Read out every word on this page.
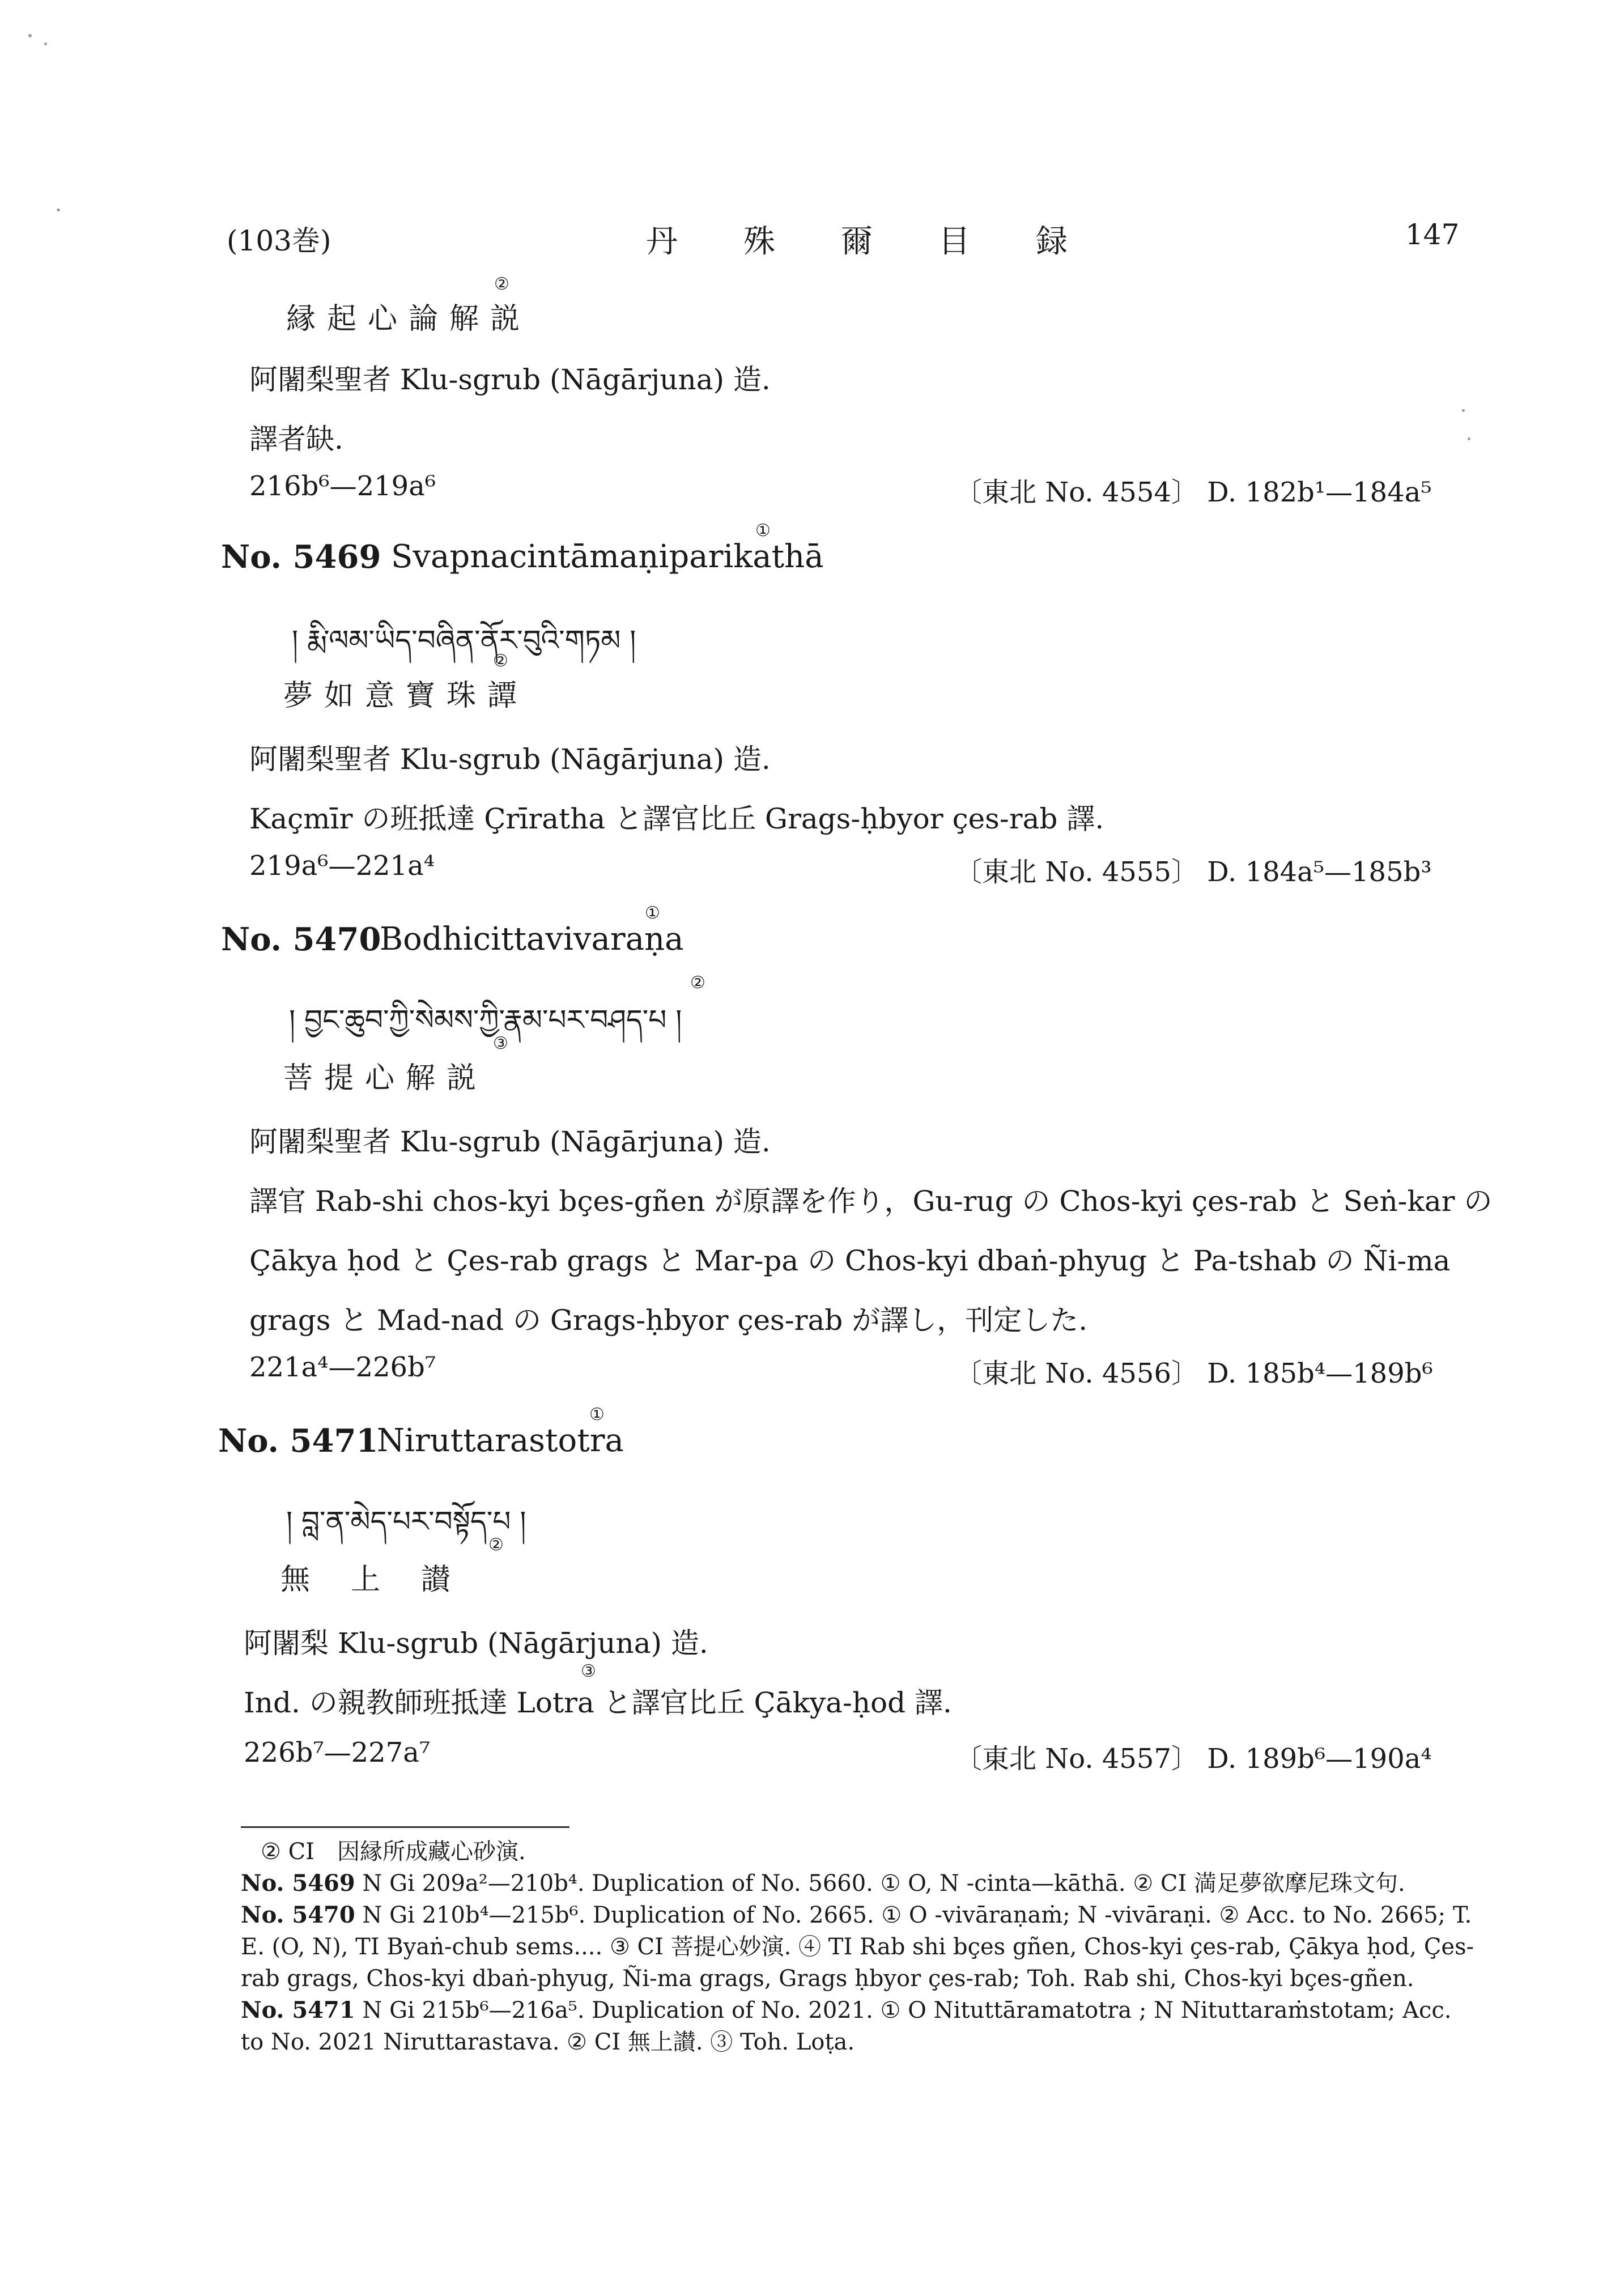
(103巻)	丹　殊　爾　目　録	147
縁起心論解説
②
阿闍梨聖者 Klu-sgrub (Nāgārjuna) 造.
譯者缺.
216b⁶—219a⁶	〔東北 No. 4554〕 D. 182b¹—184a⁵
No. 5469 Svapnacintāmaṇiparikathā
①
། རྨི་ལམ་ཡིད་བཞིན་ནོར་བུའི་གཏམ །
夢如意寶珠譚
②
阿闍梨聖者 Klu-sgrub (Nāgārjuna) 造.
Kaçmīr の班抵達 Çrīratha と譯官比丘 Grags-ḥbyor çes-rab 譯.
219a⁶—221a⁴	〔東北 No. 4555〕 D. 184a⁵—185b³
No. 5470
Bodhicittavivaraṇa
①
། བྱང་ཆུབ་ཀྱི་སེམས་ཀྱི་རྣམ་པར་བཤད་པ །
②
菩提心解説
③
阿闍梨聖者 Klu-sgrub (Nāgārjuna) 造.
譯官 Rab-shi chos-kyi bçes-gñen が原譯を作り，Gu-rug の Chos-kyi çes-rab と Seṅ-kar の
Çākya ḥod と Çes-rab grags と Mar-pa の Chos-kyi dbaṅ-phyug と Pa-tshab の Ñi-ma
grags と Mad-nad の Grags-ḥbyor çes-rab が譯し，刊定した.
221a⁴—226b⁷	〔東北 No. 4556〕 D. 185b⁴—189b⁶
No. 5471
Niruttarastotra
①
། བླ་ན་མེད་པར་བསྟོད་པ །
無　上　讃
②
阿闍梨 Klu-sgrub (Nāgārjuna) 造.
Ind. の親教師班抵達 Lotra と譯官比丘 Çākya-ḥod 譯.
③
226b⁷—227a⁷	〔東北 No. 4557〕 D. 189b⁶—190a⁴
② CI　因縁所成藏心砂演.
No. 5469 N Gi 209a²—210b⁴. Duplication of No. 5660. ① O, N -cinta—kāthā. ② CI 満足夢欲摩尼珠文句.
No. 5470 N Gi 210b⁴—215b⁶. Duplication of No. 2665. ① O -vivāraṇaṁ; N -vivāraṇi. ② Acc. to No. 2665; T. E. (O, N), TI Byaṅ-chub sems.... ③ CI 菩提心妙演. ④ TI Rab shi bçes gñen, Chos-kyi çes-rab, Çākya ḥod, Çes-rab grags, Chos-kyi dbaṅ-phyug, Ñi-ma grags, Grags ḥbyor çes-rab; Toh. Rab shi, Chos-kyi bçes-gñen.
No. 5471 N Gi 215b⁶—216a⁵. Duplication of No. 2021. ① O Nituttāramatotra ; N Nituttaraṁstotam; Acc. to No. 2021 Niruttarastava. ② CI 無上讃. ③ Toh. Loṭa.
